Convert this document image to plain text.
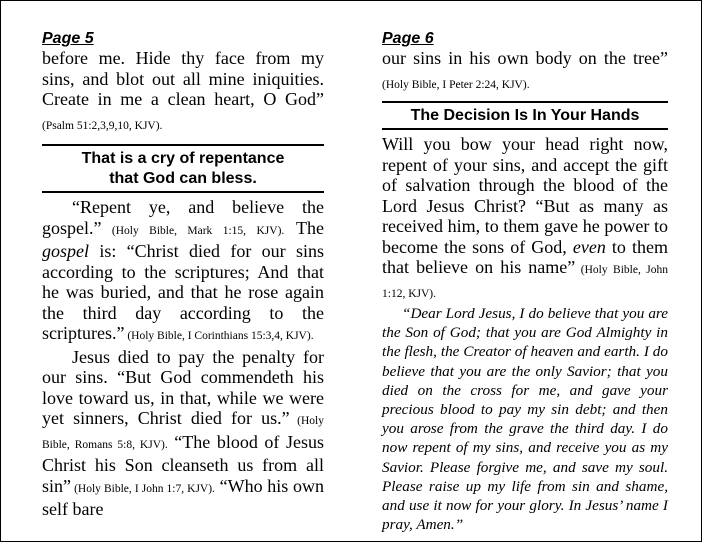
Page 5

before me. Hide thy face from my sins, and blot out all mine iniquities. Create in me a clean heart, O God” (Psalm 51:2,3,9,10, KJV).

That is a cry of repentance
that God can bless.

“Repent ye, and believe the gospel.” (Holy Bible, Mark 1:15, KJV). The gospel is: “Christ died for our sins according to the scriptures; And that he was buried, and that he rose again the third day according to the scriptures.” (Holy Bible, I Corinthians 15:3,4, KJV).

Jesus died to pay the penalty for our sins. “But God commendeth his love toward us, in that, while we were yet sinners, Christ died for us.” (Holy Bible, Romans 5:8, KJV). “The blood of Jesus Christ his Son cleanseth us from all sin” (Holy Bible, I John 1:7, KJV). “Who his own self bare

Page 6

our sins in his own body on the tree” (Holy Bible, I Peter 2:24, KJV).

The Decision Is In Your Hands

Will you bow your head right now, repent of your sins, and accept the gift of salvation through the blood of the Lord Jesus Christ? “But as many as received him, to them gave he power to become the sons of God, even to them that believe on his name” (Holy Bible, John 1:12, KJV).

“Dear Lord Jesus, I do believe that you are the Son of God; that you are God Almighty in the flesh, the Creator of heaven and earth. I do believe that you are the only Savior; that you died on the cross for me, and gave your precious blood to pay my sin debt; and then you arose from the grave the third day. I do now repent of my sins, and receive you as my Savior. Please forgive me, and save my soul. Please raise up my life from sin and shame, and use it now for your glory. In Jesus’ name I pray, Amen.”
